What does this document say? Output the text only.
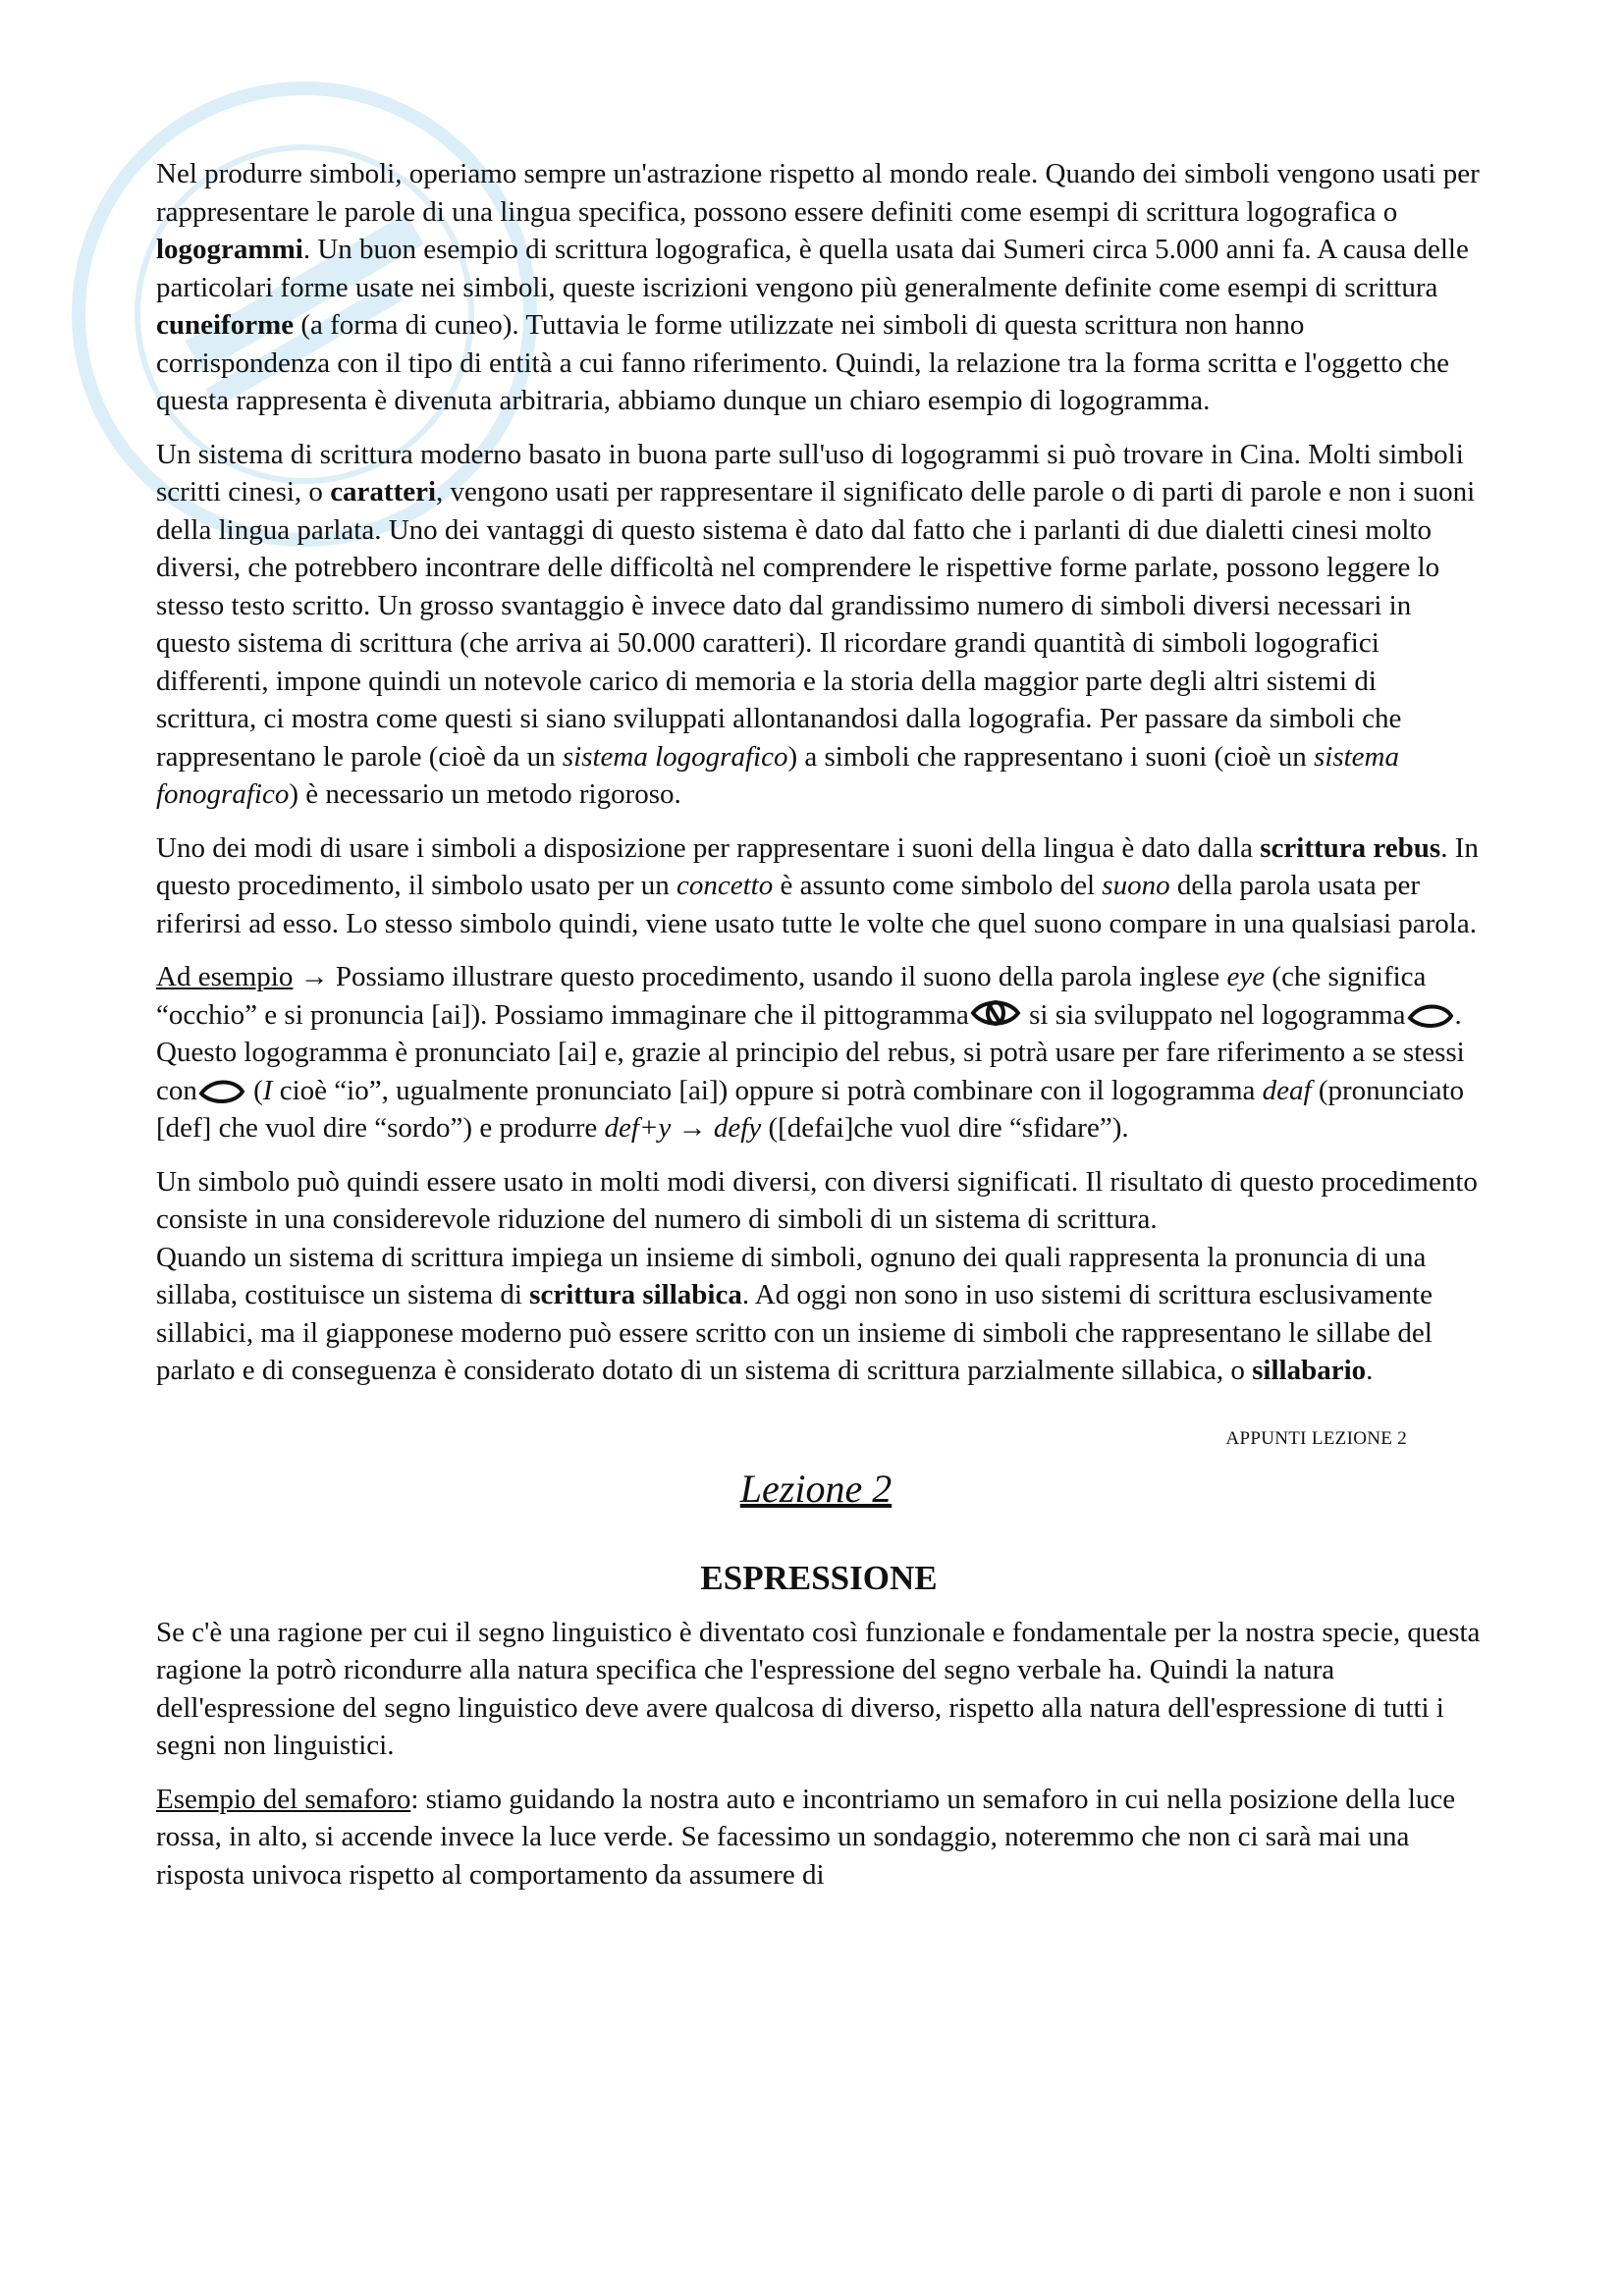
Nel produrre simboli, operiamo sempre un'astrazione rispetto al mondo reale. Quando dei simboli vengono usati per rappresentare le parole di una lingua specifica, possono essere definiti come esempi di scrittura logografica o logogrammi. Un buon esempio di scrittura logografica, è quella usata dai Sumeri circa 5.000 anni fa. A causa delle particolari forme usate nei simboli, queste iscrizioni vengono più generalmente definite come esempi di scrittura cuneiforme (a forma di cuneo). Tuttavia le forme utilizzate nei simboli di questa scrittura non hanno corrispondenza con il tipo di entità a cui fanno riferimento. Quindi, la relazione tra la forma scritta e l'oggetto che questa rappresenta è divenuta arbitraria, abbiamo dunque un chiaro esempio di logogramma.

Un sistema di scrittura moderno basato in buona parte sull'uso di logogrammi si può trovare in Cina. Molti simboli scritti cinesi, o caratteri, vengono usati per rappresentare il significato delle parole o di parti di parole e non i suoni della lingua parlata. Uno dei vantaggi di questo sistema è dato dal fatto che i parlanti di due dialetti cinesi molto diversi, che potrebbero incontrare delle difficoltà nel comprendere le rispettive forme parlate, possono leggere lo stesso testo scritto. Un grosso svantaggio è invece dato dal grandissimo numero di simboli diversi necessari in questo sistema di scrittura (che arriva ai 50.000 caratteri). Il ricordare grandi quantità di simboli logografici differenti, impone quindi un notevole carico di memoria e la storia della maggior parte degli altri sistemi di scrittura, ci mostra come questi si siano sviluppati allontanandosi dalla logografia. Per passare da simboli che rappresentano le parole (cioè da un sistema logografico) a simboli che rappresentano i suoni (cioè un sistema fonografico) è necessario un metodo rigoroso.

Uno dei modi di usare i simboli a disposizione per rappresentare i suoni della lingua è dato dalla scrittura rebus. In questo procedimento, il simbolo usato per un concetto è assunto come simbolo del suono della parola usata per riferirsi ad esso. Lo stesso simbolo quindi, viene usato tutte le volte che quel suono compare in una qualsiasi parola.

Ad esempio → Possiamo illustrare questo procedimento, usando il suono della parola inglese eye (che significa “occhio” e si pronuncia [ai]). Possiamo immaginare che il pittogramma si sia sviluppato nel logogramma . Questo logogramma è pronunciato [ai] e, grazie al principio del rebus, si potrà usare per fare riferimento a se stessi con (I cioè “io”, ugualmente pronunciato [ai]) oppure si potrà combinare con il logogramma deaf (pronunciato [def] che vuol dire “sordo”) e produrre def+y → defy ([defai]che vuol dire “sfidare”).

Un simbolo può quindi essere usato in molti modi diversi, con diversi significati. Il risultato di questo procedimento consiste in una considerevole riduzione del numero di simboli di un sistema di scrittura.

Quando un sistema di scrittura impiega un insieme di simboli, ognuno dei quali rappresenta la pronuncia di una sillaba, costituisce un sistema di scrittura sillabica. Ad oggi non sono in uso sistemi di scrittura esclusivamente sillabici, ma il giapponese moderno può essere scritto con un insieme di simboli che rappresentano le sillabe del parlato e di conseguenza è considerato dotato di un sistema di scrittura parzialmente sillabica, o sillabario.

APPUNTI LEZIONE 2
Lezione 2
ESPRESSIONE

Se c'è una ragione per cui il segno linguistico è diventato così funzionale e fondamentale per la nostra specie, questa ragione la potrò ricondurre alla natura specifica che l'espressione del segno verbale ha. Quindi la natura dell'espressione del segno linguistico deve avere qualcosa di diverso, rispetto alla natura dell'espressione di tutti i segni non linguistici.

Esempio del semaforo: stiamo guidando la nostra auto e incontriamo un semaforo in cui nella posizione della luce rossa, in alto, si accende invece la luce verde. Se facessimo un sondaggio, noteremmo che non ci sarà mai una risposta univoca rispetto al comportamento da assumere di
